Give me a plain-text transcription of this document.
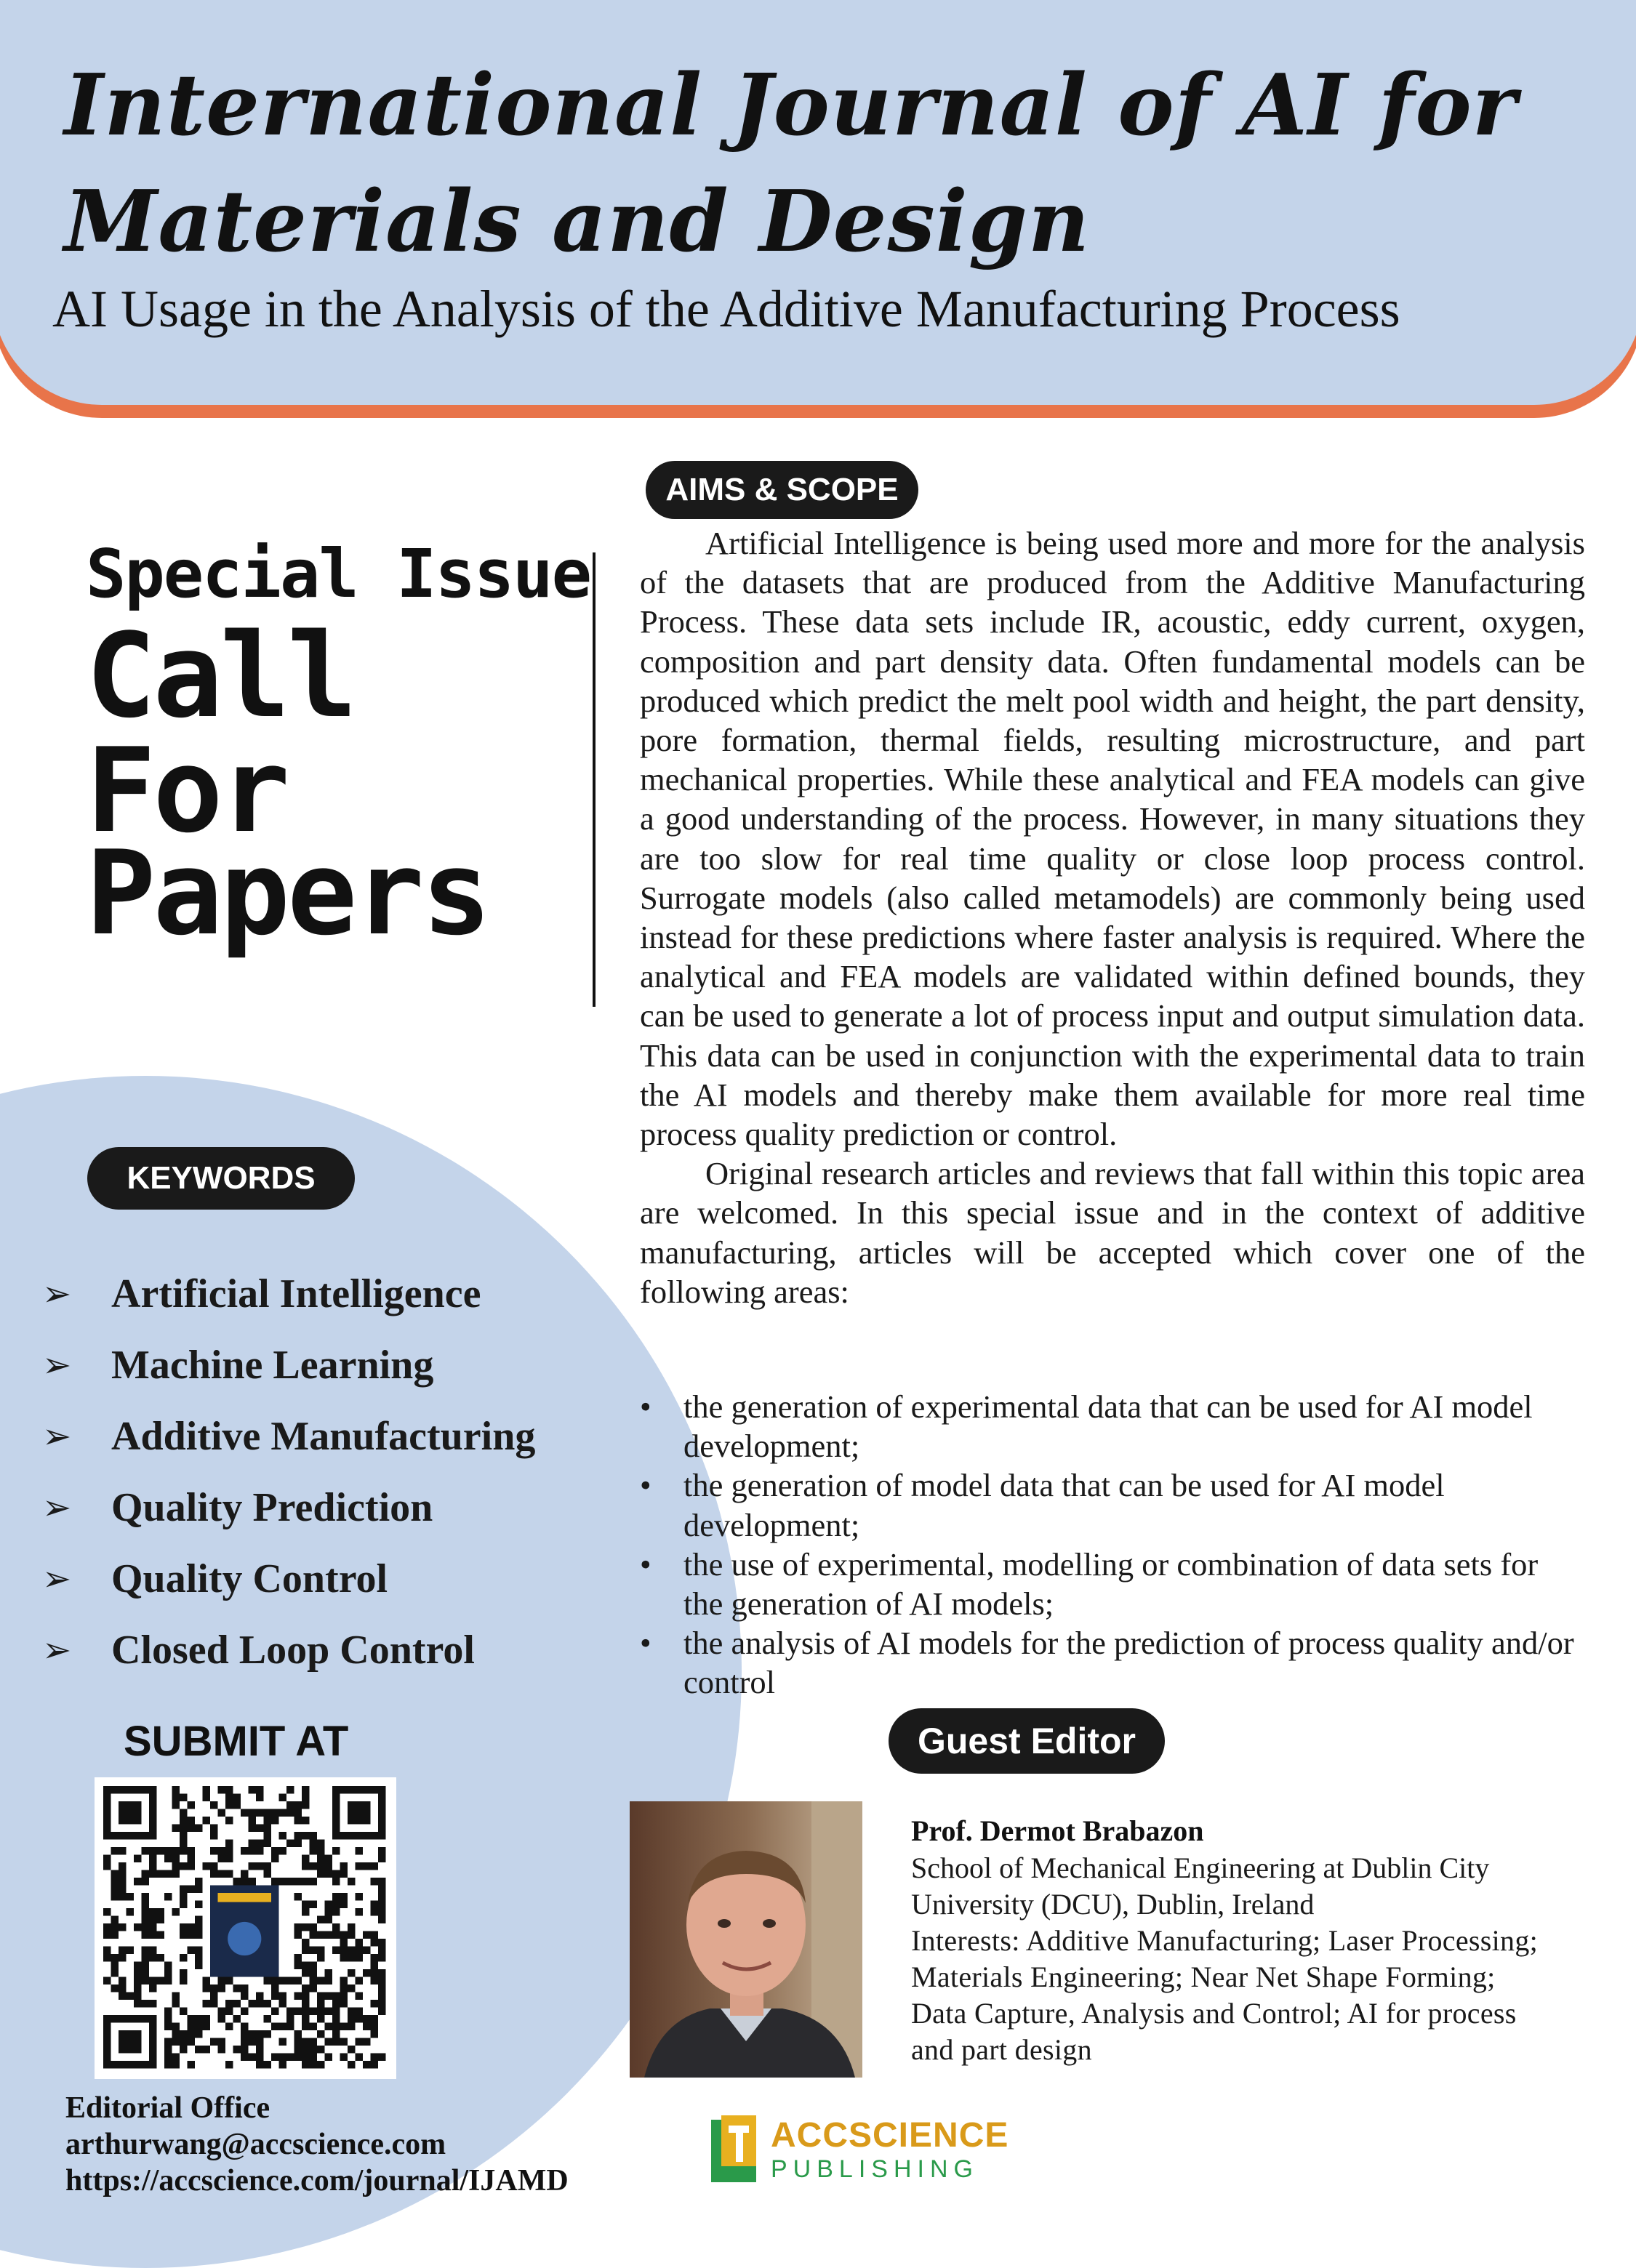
International Journal of AI for
Materials and Design
AI Usage in the Analysis of the Additive Manufacturing Process
Special Issue
Call
For
Papers
AIMS & SCOPE

Artificial Intelligence is being used more and more for the analysis of the datasets that are produced from the Additive Manufacturing Process. These data sets include IR, acoustic, eddy current, oxygen, composition and part density data. Often fundamental models can be produced which predict the melt pool width and height, the part density, pore formation, thermal fields, resulting microstructure, and part mechanical properties. While these analytical and FEA models can give a good understanding of the process. However, in many situations they are too slow for real time quality or close loop process control. Surrogate models (also called metamodels) are commonly being used instead for these predictions where faster analysis is required. Where the analytical and FEA models are validated within defined bounds, they can be used to generate a lot of process input and output simulation data. This data can be used in conjunction with the experimental data to train the AI models and thereby make them available for more real time process quality prediction or control.

Original research articles and reviews that fall within this topic area are welcomed. In this special issue and in the context of additive manufacturing, articles will be accepted which cover one of the following areas:

• the generation of experimental data that can be used for AI model development;
• the generation of model data that can be used for AI model development;
• the use of experimental, modelling or combination of data sets for the generation of AI models;
• the analysis of AI models for the prediction of process quality and/or control
KEYWORDS
➢ Artificial Intelligence
➢ Machine Learning
➢ Additive Manufacturing
➢ Quality Prediction
➢ Quality Control
➢ Closed Loop Control
SUBMIT AT
Editorial Office
arthurwang@accscience.com
https://accscience.com/journal/IJAMD
Guest Editor
Prof. Dermot Brabazon

School of Mechanical Engineering at Dublin City University (DCU), Dublin, Ireland

Interests: Additive Manufacturing; Laser Processing; Materials Engineering; Near Net Shape Forming; Data Capture, Analysis and Control; AI for process and part design

ACCSCIENCE
PUBLISHING
